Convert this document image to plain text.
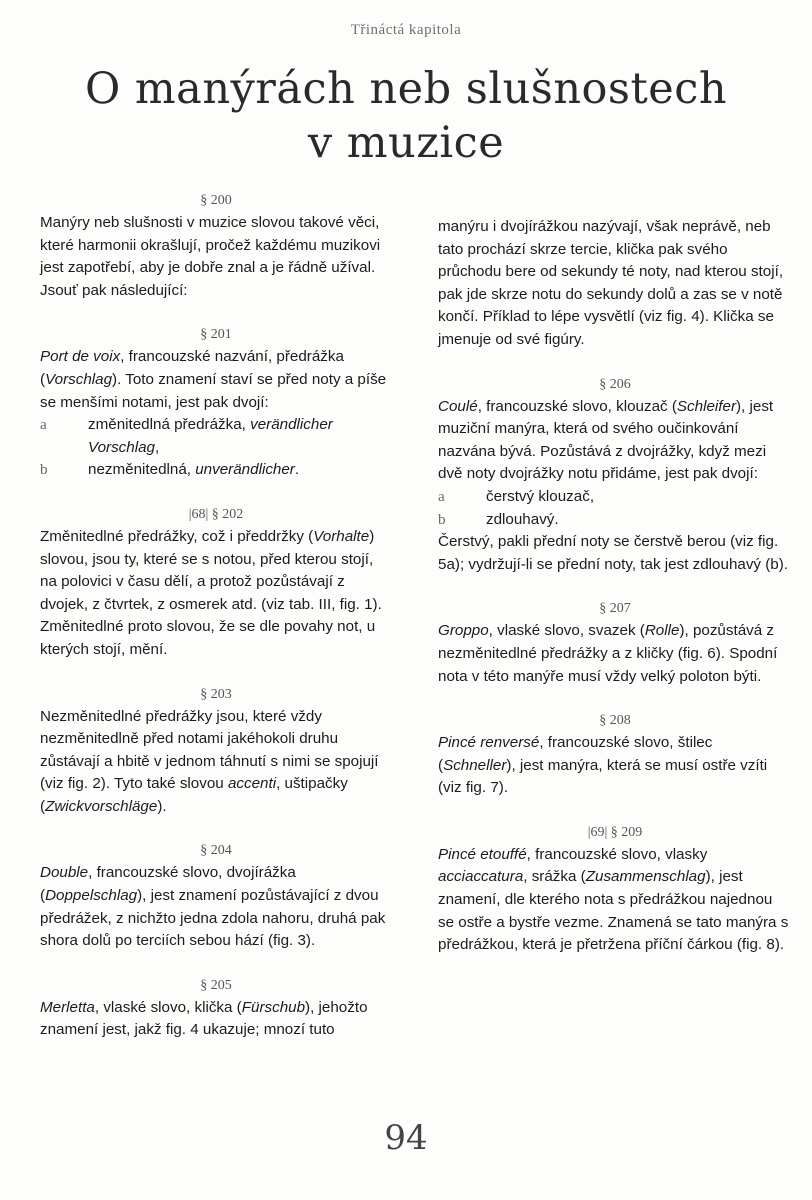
Třináctá kapitola
O manýrách neb slušnostech
v muzice
§ 200

Manýry neb slušnosti v muzice slovou takové věci, které harmonii okrašlují, pročež každému muzikovi jest zapotřebí, aby je dobře znal a je řádně užíval. Jsouť pak následující:

§ 201

Port de voix, francouzské nazvání, předrážka (Vorschlag). Toto znamení staví se před noty a píše se menšími notami, jest pak dvojí:

a	změnitedlná předrážka, verändlicher Vorschlag,
b	nezměnitedlná, unverändlicher.
|68| § 202

Změnitedlné předrážky, což i předdržky (Vorhalte) slovou, jsou ty, které se s notou, před kterou stojí, na polovici v času dělí, a protož pozůstávají z dvojek, z čtvrtek, z osmerek atd. (viz tab. III, fig. 1). Změnitedlné proto slovou, že se dle povahy not, u kterých stojí, mění.

§ 203

Nezměnitedlné předrážky jsou, které vždy nezměnitedlně před notami jakéhokoli druhu zůstávají a hbitě v jednom táhnutí s nimi se spojují (viz fig. 2). Tyto také slovou accenti, uštipačky (Zwickvorschläge).

§ 204

Double, francouzské slovo, dvojírážka (Doppelschlag), jest znamení pozůstávající z dvou předrážek, z nichžto jedna zdola nahoru, druhá pak shora dolů po terciích sebou hází (fig. 3).

§ 205

Merletta, vlaské slovo, klička (Fürschub), jehožto znamení jest, jakž fig. 4 ukazuje; mnozí tuto

manýru i dvojírážkou nazývají, však neprávě, neb tato prochází skrze tercie, klička pak svého průchodu bere od sekundy té noty, nad kterou stojí, pak jde skrze notu do sekundy dolů a zas se v notě končí. Příklad to lépe vysvětlí (viz fig. 4). Klička se jmenuje od své figúry.

§ 206

Coulé, francouzské slovo, klouzač (Schleifer), jest muziční manýra, která od svého oučinkování nazvána bývá. Pozůstává z dvojrážky, když mezi dvě noty dvojrážky notu přidáme, jest pak dvojí:

a	čerstvý klouzač,
b	zdlouhavý.

Čerstvý, pakli přední noty se čerstvě berou (viz fig. 5a); vydržují-li se přední noty, tak jest zdlouhavý (b).

§ 207

Groppo, vlaské slovo, svazek (Rolle), pozůstává z nezměnitedlné předrážky a z kličky (fig. 6). Spodní nota v této manýře musí vždy velký poloton býti.

§ 208

Pincé renversé, francouzské slovo, štilec (Schneller), jest manýra, která se musí ostře vzíti (viz fig. 7).

|69| § 209

Pincé etouffé, francouzské slovo, vlasky acciaccatura, srážka (Zusammenschlag), jest znamení, dle kterého nota s předrážkou najednou se ostře a bystře vezme. Znamená se tato manýra s předrážkou, která je přetržena příční čárkou (fig. 8).

94
